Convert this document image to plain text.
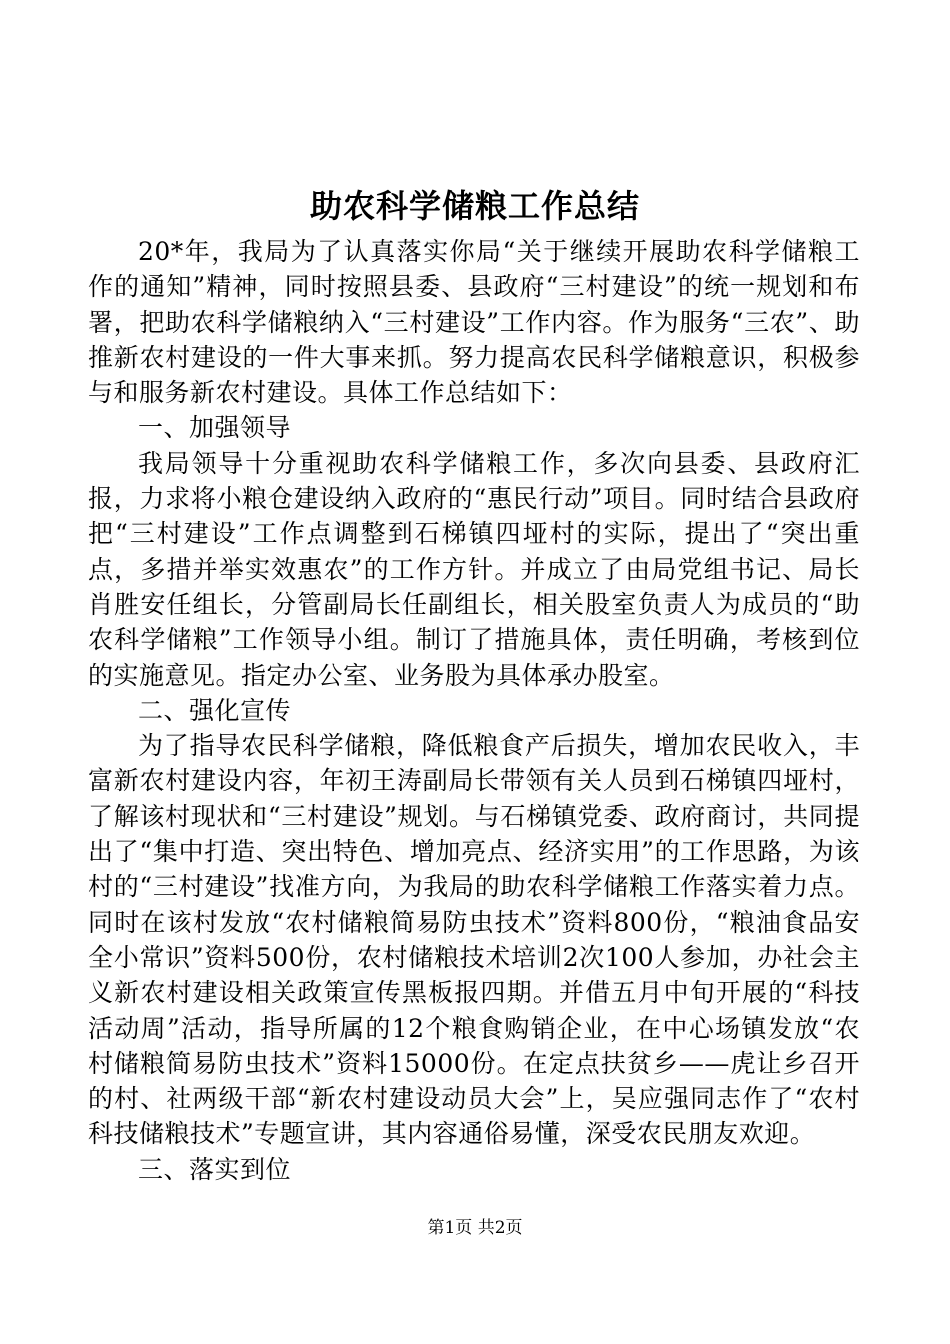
助农科学储粮工作总结

20*年，我局为了认真落实你局“关于继续开展助农科学储粮工作的通知”精神，同时按照县委、县政府“三村建设”的统一规划和布署，把助农科学储粮纳入“三村建设”工作内容。作为服务“三农”、助推新农村建设的一件大事来抓。努力提高农民科学储粮意识，积极参与和服务新农村建设。具体工作总结如下：

一、加强领导

我局领导十分重视助农科学储粮工作，多次向县委、县政府汇报，力求将小粮仓建设纳入政府的“惠民行动”项目。同时结合县政府把“三村建设”工作点调整到石梯镇四垭村的实际，提出了“突出重点，多措并举实效惠农”的工作方针。并成立了由局党组书记、局长肖胜安任组长，分管副局长任副组长，相关股室负责人为成员的“助农科学储粮”工作领导小组。制订了措施具体，责任明确，考核到位的实施意见。指定办公室、业务股为具体承办股室。

二、强化宣传

为了指导农民科学储粮，降低粮食产后损失，增加农民收入，丰富新农村建设内容，年初王涛副局长带领有关人员到石梯镇四垭村，了解该村现状和“三村建设”规划。与石梯镇党委、政府商讨，共同提出了“集中打造、突出特色、增加亮点、经济实用”的工作思路，为该村的“三村建设”找准方向，为我局的助农科学储粮工作落实着力点。同时在该村发放“农村储粮简易防虫技术”资料800份，“粮油食品安全小常识”资料500份，农村储粮技术培训2次100人参加，办社会主义新农村建设相关政策宣传黑板报四期。并借五月中旬开展的“科技活动周”活动，指导所属的12个粮食购销企业，在中心场镇发放“农村储粮简易防虫技术”资料15000份。在定点扶贫乡——虎让乡召开的村、社两级干部“新农村建设动员大会”上，吴应强同志作了“农村科技储粮技术”专题宣讲，其内容通俗易懂，深受农民朋友欢迎。

三、落实到位

第1页 共2页
